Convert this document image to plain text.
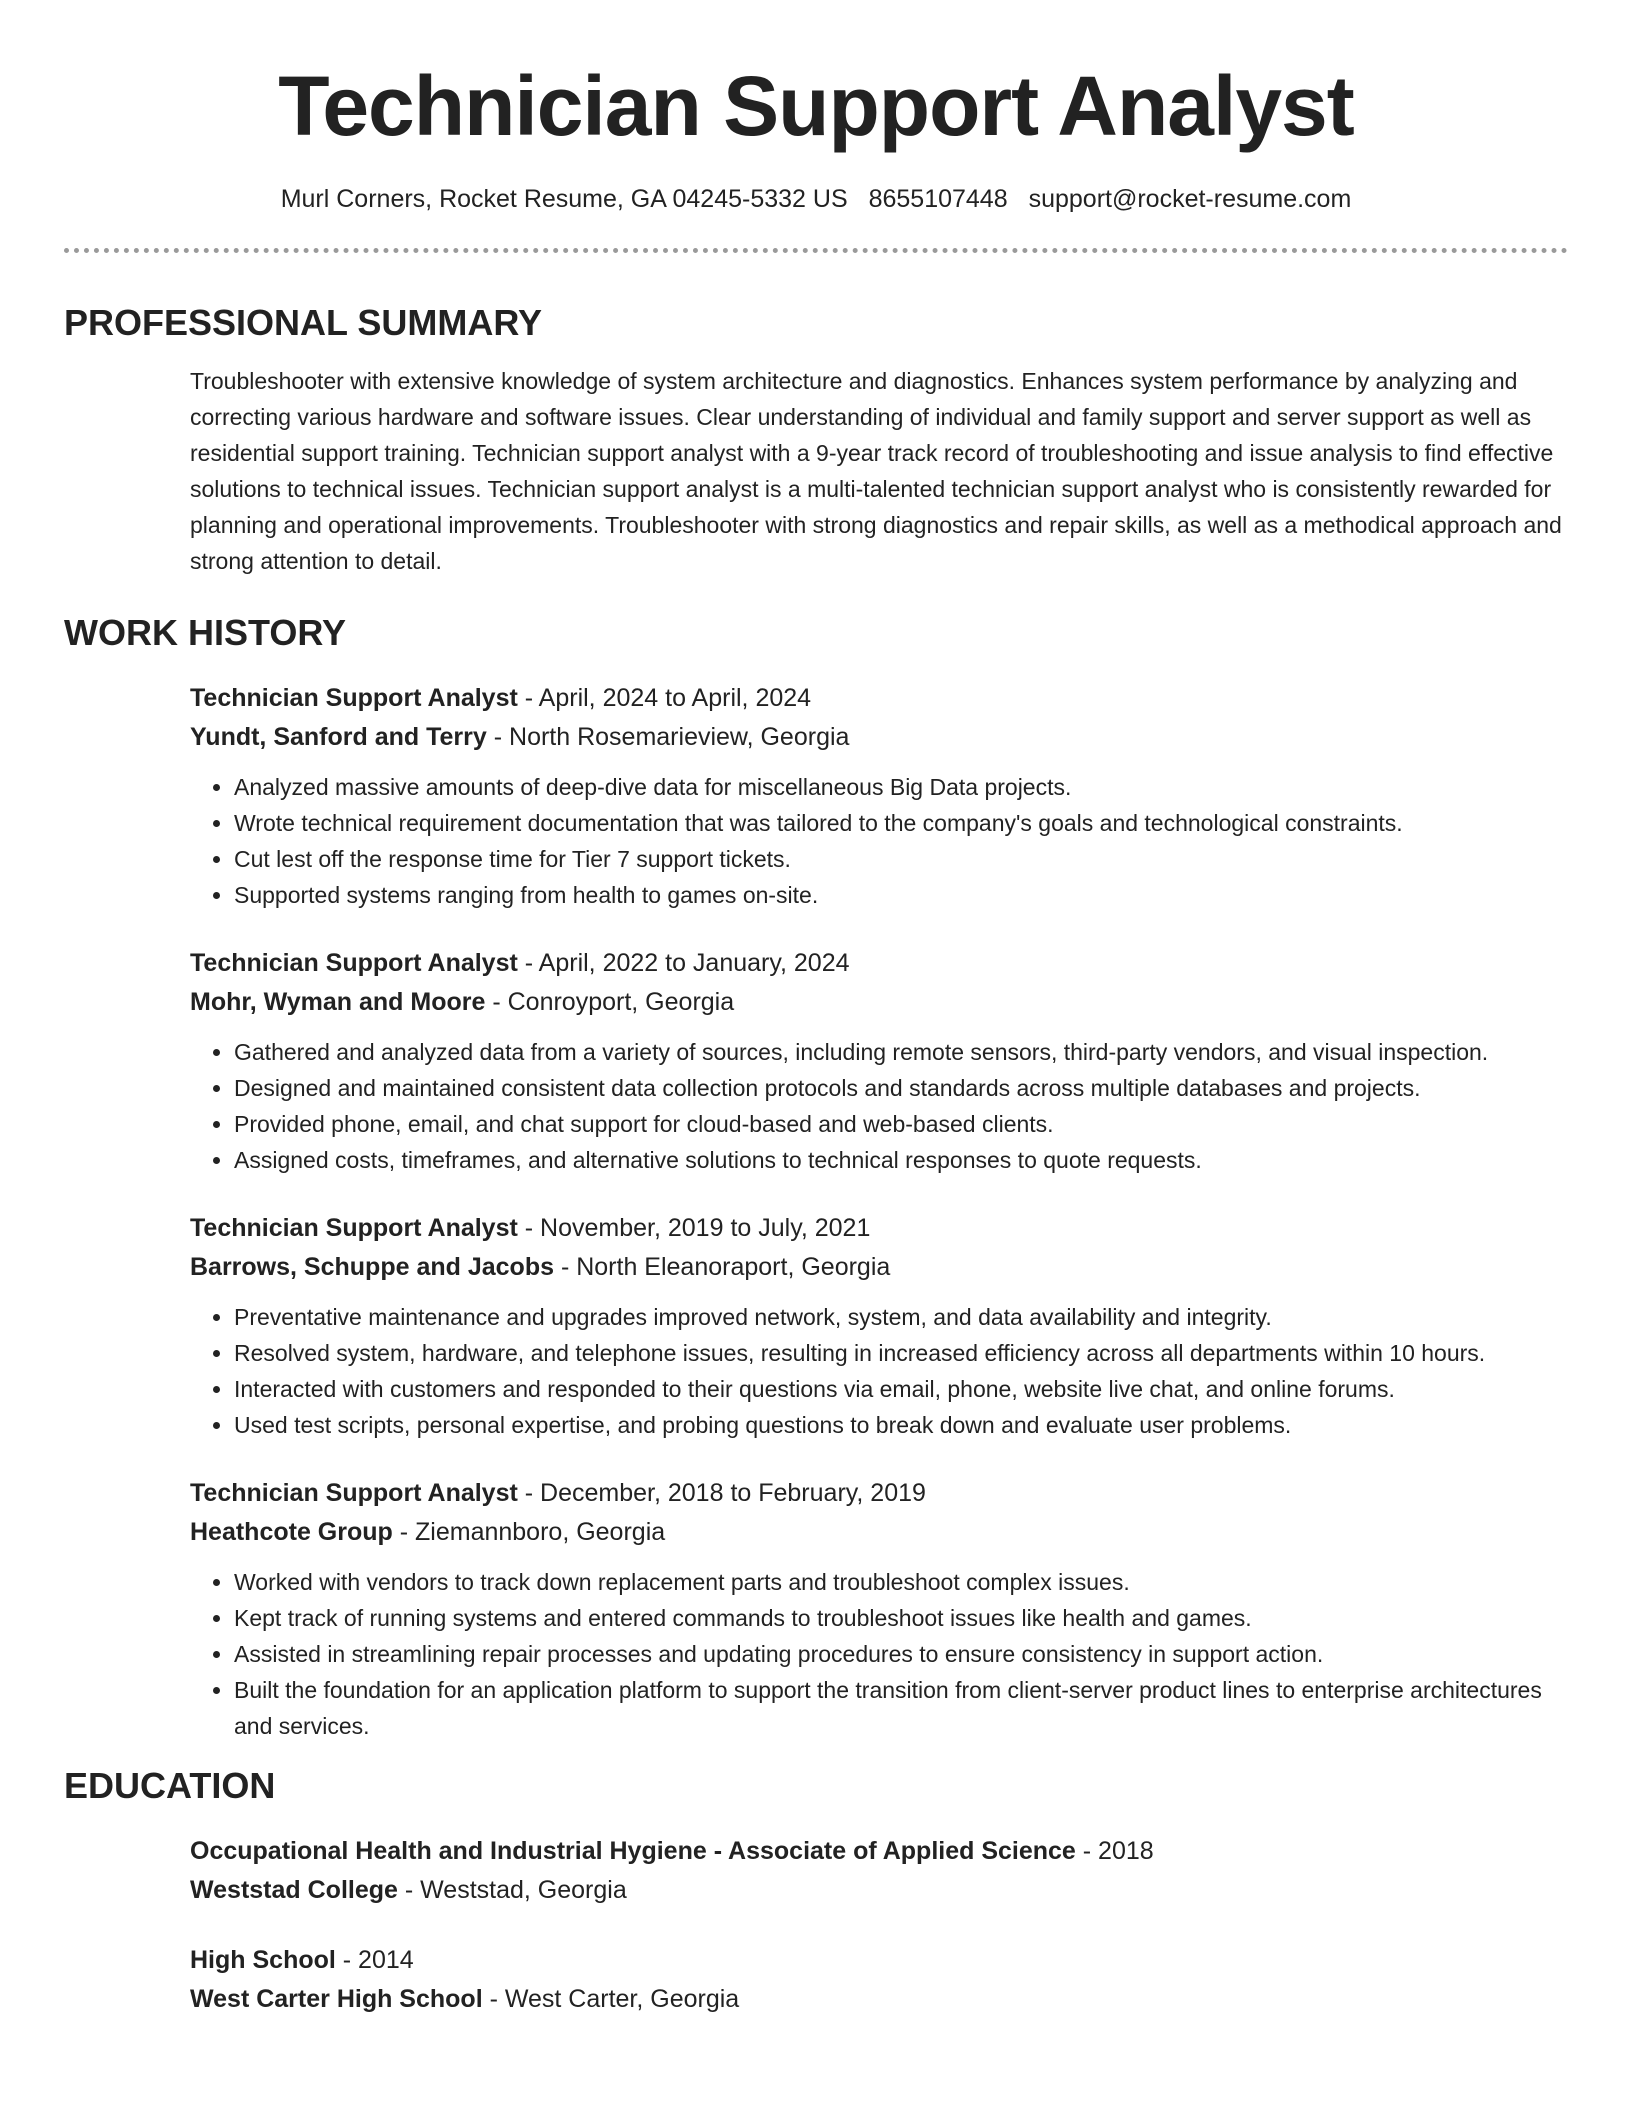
Technician Support Analyst
Murl Corners, Rocket Resume, GA 04245-5332 US 8655107448 support@rocket-resume.com
PROFESSIONAL SUMMARY

Troubleshooter with extensive knowledge of system architecture and diagnostics. Enhances system performance by analyzing and correcting various hardware and software issues. Clear understanding of individual and family support and server support as well as residential support training. Technician support analyst with a 9-year track record of troubleshooting and issue analysis to find effective solutions to technical issues. Technician support analyst is a multi-talented technician support analyst who is consistently rewarded for planning and operational improvements. Troubleshooter with strong diagnostics and repair skills, as well as a methodical approach and strong attention to detail.

WORK HISTORY
Technician Support Analyst - April, 2024 to April, 2024
Yundt, Sanford and Terry - North Rosemarieview, Georgia
• Analyzed massive amounts of deep-dive data for miscellaneous Big Data projects.
• Wrote technical requirement documentation that was tailored to the company's goals and technological constraints.
• Cut lest off the response time for Tier 7 support tickets.
• Supported systems ranging from health to games on-site.
Technician Support Analyst - April, 2022 to January, 2024
Mohr, Wyman and Moore - Conroyport, Georgia
• Gathered and analyzed data from a variety of sources, including remote sensors, third-party vendors, and visual inspection.
• Designed and maintained consistent data collection protocols and standards across multiple databases and projects.
• Provided phone, email, and chat support for cloud-based and web-based clients.
• Assigned costs, timeframes, and alternative solutions to technical responses to quote requests.
Technician Support Analyst - November, 2019 to July, 2021
Barrows, Schuppe and Jacobs - North Eleanoraport, Georgia
• Preventative maintenance and upgrades improved network, system, and data availability and integrity.
• Resolved system, hardware, and telephone issues, resulting in increased efficiency across all departments within 10 hours.
• Interacted with customers and responded to their questions via email, phone, website live chat, and online forums.
• Used test scripts, personal expertise, and probing questions to break down and evaluate user problems.
Technician Support Analyst - December, 2018 to February, 2019
Heathcote Group - Ziemannboro, Georgia
• Worked with vendors to track down replacement parts and troubleshoot complex issues.
• Kept track of running systems and entered commands to troubleshoot issues like health and games.
• Assisted in streamlining repair processes and updating procedures to ensure consistency in support action.
• Built the foundation for an application platform to support the transition from client-server product lines to enterprise architectures and services.
EDUCATION
Occupational Health and Industrial Hygiene - Associate of Applied Science - 2018
Weststad College - Weststad, Georgia
High School - 2014
West Carter High School - West Carter, Georgia
